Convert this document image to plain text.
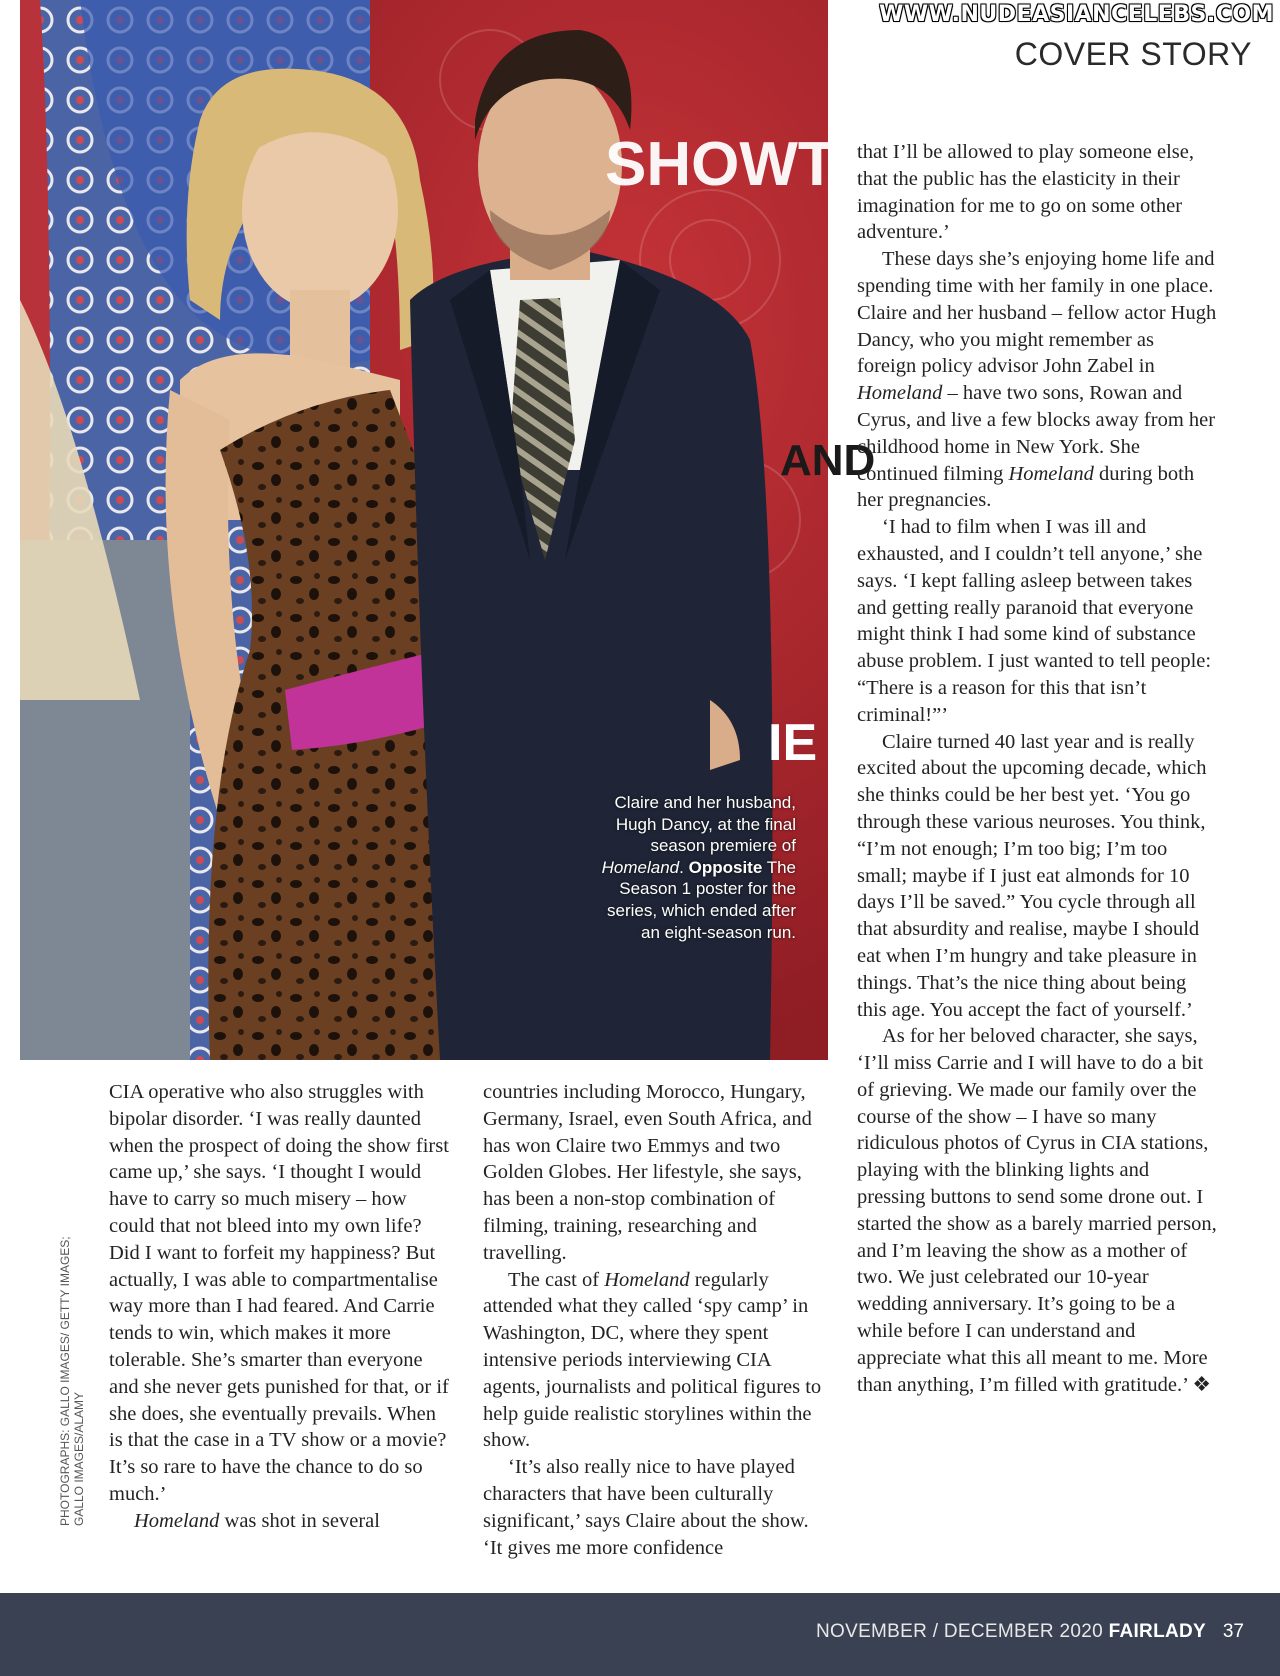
WWW.NUDEASIANCELEBS.COM
COVER STORY
SHOWTIME
AND
IE
Claire and her husband, Hugh Dancy, at the final season premiere of Homeland. Opposite The Season 1 poster for the series, which ended after an eight-season run.
PHOTOGRAPHS: GALLO IMAGES/ GETTY IMAGES; GALLO IMAGES/ALAMY

CIA operative who also struggles with bipolar disorder. ‘I was really daunted when the prospect of doing the show first came up,’ she says. ‘I thought I would have to carry so much misery – how could that not bleed into my own life? Did I want to forfeit my happiness? But actually, I was able to compartmentalise way more than I had feared. And Carrie tends to win, which makes it more tolerable. She’s smarter than everyone and she never gets punished for that, or if she does, she eventually prevails. When is that the case in a TV show or a movie? It’s so rare to have the chance to do so much.’

Homeland was shot in several

countries including Morocco, Hungary, Germany, Israel, even South Africa, and has won Claire two Emmys and two Golden Globes. Her lifestyle, she says, has been a non-stop combination of filming, training, researching and travelling.

The cast of Homeland regularly attended what they called ‘spy camp’ in Washington, DC, where they spent intensive periods interviewing CIA agents, journalists and political figures to help guide realistic storylines within the show.

‘It’s also really nice to have played characters that have been culturally significant,’ says Claire about the show. ‘It gives me more confidence

that I’ll be allowed to play someone else, that the public has the elasticity in their imagination for me to go on some other adventure.’

These days she’s enjoying home life and spending time with her family in one place. Claire and her husband – fellow actor Hugh Dancy, who you might remember as foreign policy advisor John Zabel in Homeland – have two sons, Rowan and Cyrus, and live a few blocks away from her childhood home in New York. She continued filming Homeland during both her pregnancies.

‘I had to film when I was ill and exhausted, and I couldn’t tell anyone,’ she says. ‘I kept falling asleep between takes and getting really paranoid that everyone might think I had some kind of substance abuse problem. I just wanted to tell people: “There is a reason for this that isn’t criminal!”’

Claire turned 40 last year and is really excited about the upcoming decade, which she thinks could be her best yet. ‘You go through these various neuroses. You think, “I’m not enough; I’m too big; I’m too small; maybe if I just eat almonds for 10 days I’ll be saved.” You cycle through all that absurdity and realise, maybe I should eat when I’m hungry and take pleasure in things. That’s the nice thing about being this age. You accept the fact of yourself.’

As for her beloved character, she says, ‘I’ll miss Carrie and I will have to do a bit of grieving. We made our family over the course of the show – I have so many ridiculous photos of Cyrus in CIA stations, playing with the blinking lights and pressing buttons to send some drone out. I started the show as a barely married person, and I’m leaving the show as a mother of two. We just celebrated our 10-year wedding anniversary. It’s going to be a while before I can understand and appreciate what this all meant to me. More than anything, I’m filled with gratitude.’ ❖

NOVEMBER / DECEMBER 2020 FAIRLADY 37
